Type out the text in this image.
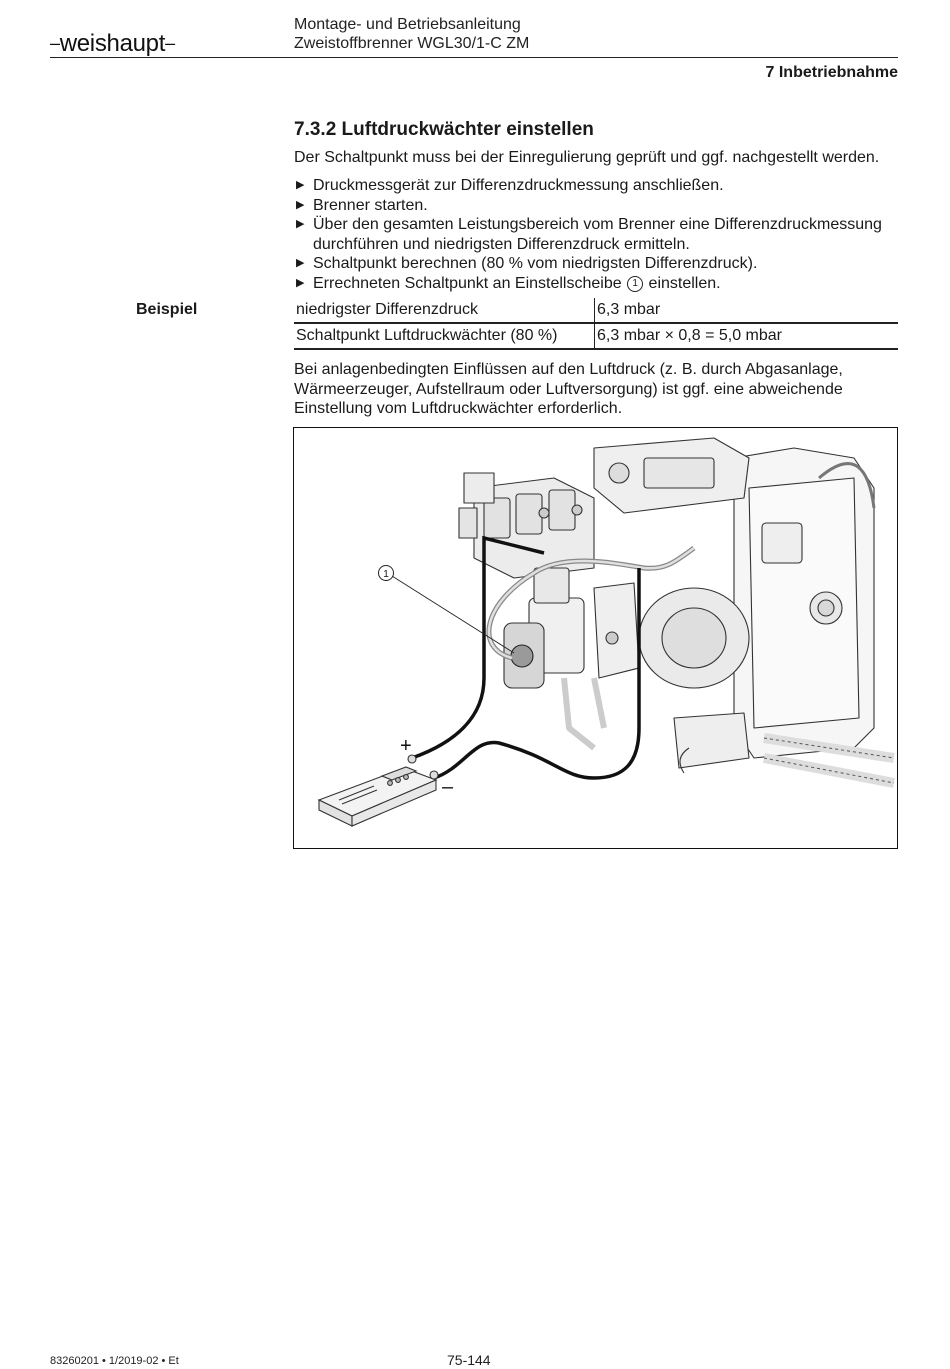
–weishaupt–
Montage- und Betriebsanleitung
Zweistoffbrenner WGL30/1-C ZM
7 Inbetriebnahme
7.3.2 Luftdruckwächter einstellen

Der Schaltpunkt muss bei der Einregulierung geprüft und ggf. nachgestellt werden.

▶ Druckmessgerät zur Differenzdruckmessung anschließen.
▶ Brenner starten.
▶ Über den gesamten Leistungsbereich vom Brenner eine Differenzdruckmessung durchführen und niedrigsten Differenzdruck ermitteln.
▶ Schaltpunkt berechnen (80 % vom niedrigsten Differenzdruck).
▶ Errechneten Schaltpunkt an Einstellscheibe 1 einstellen.
Beispiel	niedrigster Differenzdruck	6,3 mbar
Schaltpunkt Luftdruckwächter (80 %)	6,3 mbar × 0,8 = 5,0 mbar

Bei anlagenbedingten Einflüssen auf den Luftdruck (z. B. durch Abgasanlage, Wärmeerzeuger, Aufstellraum oder Luftversorgung) ist ggf. eine abweichende Einstellung vom Luftdruckwächter erforderlich.

1
+
–
83260201 • 1/2019-02 • Et	75-144
